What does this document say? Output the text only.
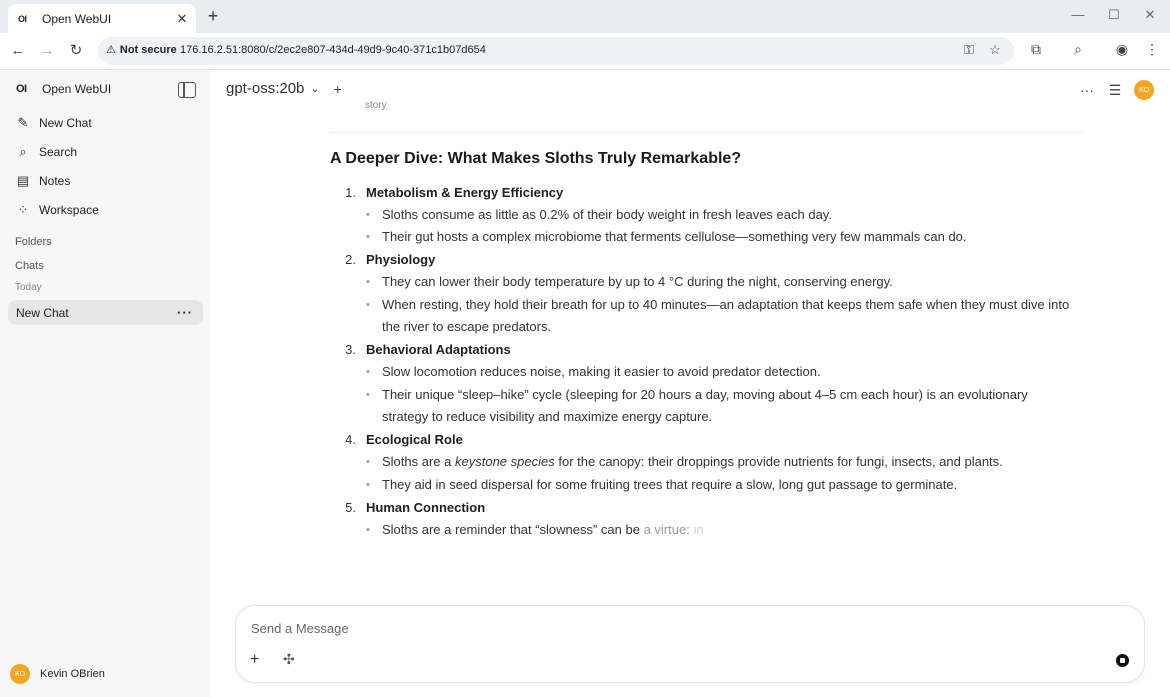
OI	Open WebUI	✕ +	— ☐ ✕
← → ↻	⚠ Not secure 176.16.2.51:8080/c/2ec2e807-434d-49d9-9c40-371c1b07d654	⚿	☆	⧉	⌕	◉ ⋮
OI	Open WebUI
✎ New Chat
⌕	Search
▤ Notes
⁘ Workspace
Folders
Chats
Today
New Chat	···
KO	Kevin OBrien
gpt-oss:20b ⌄ +	··· ☰	KO
story
A Deeper Dive: What Makes Sloths Truly Remarkable?
1. Metabolism & Energy Efficiency
• Sloths consume as little as 0.2% of their body weight in fresh leaves each day.
• Their gut hosts a complex microbiome that ferments cellulose—something very few mammals can do.
2. Physiology
• They can lower their body temperature by up to 4 °C during the night, conserving energy.
• When resting, they hold their breath for up to 40 minutes—an adaptation that keeps them safe when they must dive into the river to escape predators.
3. Behavioral Adaptations
• Slow locomotion reduces noise, making it easier to avoid predator detection.
• Their unique “sleep–hike” cycle (sleeping for 20 hours a day, moving about 4–5 cm each hour) is an evolutionary strategy to reduce visibility and maximize energy capture.
4. Ecological Role
• Sloths are a keystone species for the canopy: their droppings provide nutrients for fungi, insects, and plants.
• They aid in seed dispersal for some fruiting trees that require a slow, long gut passage to germinate.
5. Human Connection
• Sloths are a reminder that “slowness” can be a virtue: in
Send a Message
+ ✣
